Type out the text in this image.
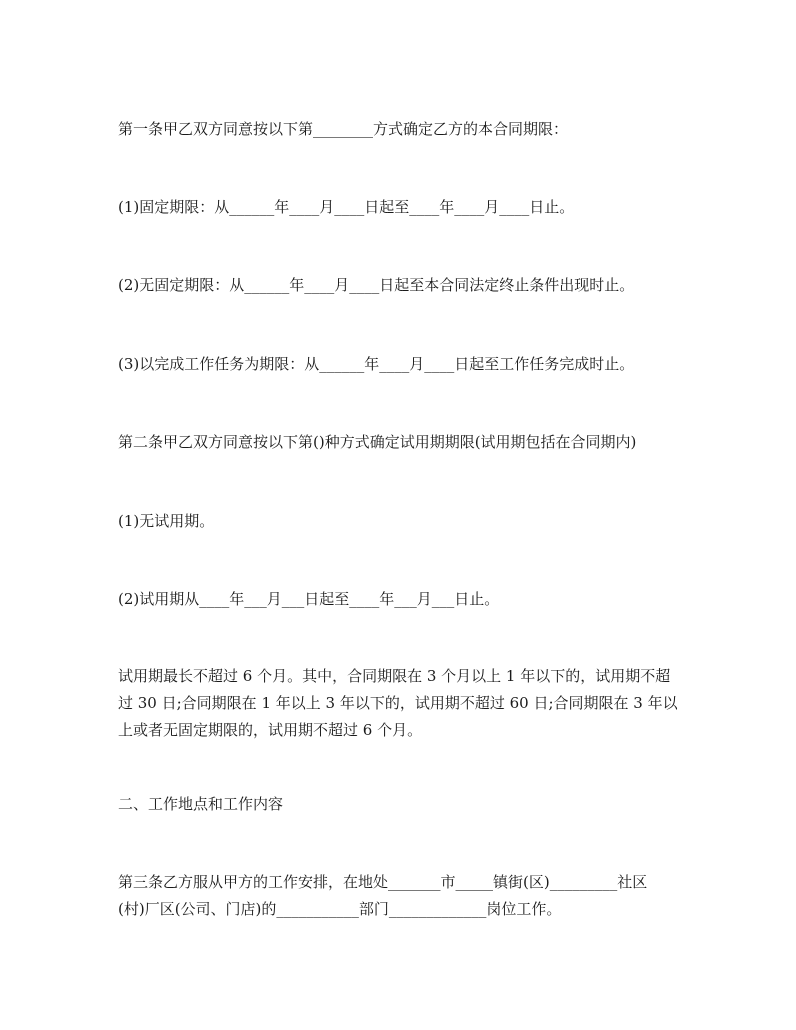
第一条甲乙双方同意按以下第________方式确定乙方的本合同期限：
(1)固定期限：从______年____月____日起至____年____月____日止。
(2)无固定期限：从______年____月____日起至本合同法定终止条件出现时止。
(3)以完成工作任务为期限：从______年____月____日起至工作任务完成时止。
第二条甲乙双方同意按以下第()种方式确定试用期期限(试用期包括在合同期内)
(1)无试用期。
(2)试用期从____年___月___日起至____年___月___日止。
试用期最长不超过 6 个月。其中，合同期限在 3 个月以上 1 年以下的，试用期不超
过 30 日;合同期限在 1 年以上 3 年以下的，试用期不超过 60 日;合同期限在 3 年以
上或者无固定期限的，试用期不超过 6 个月。
二、工作地点和工作内容
第三条乙方服从甲方的工作安排，在地处_______市_____镇街(区)_________社区
(村)厂区(公司、门店)的___________部门_____________岗位工作。
